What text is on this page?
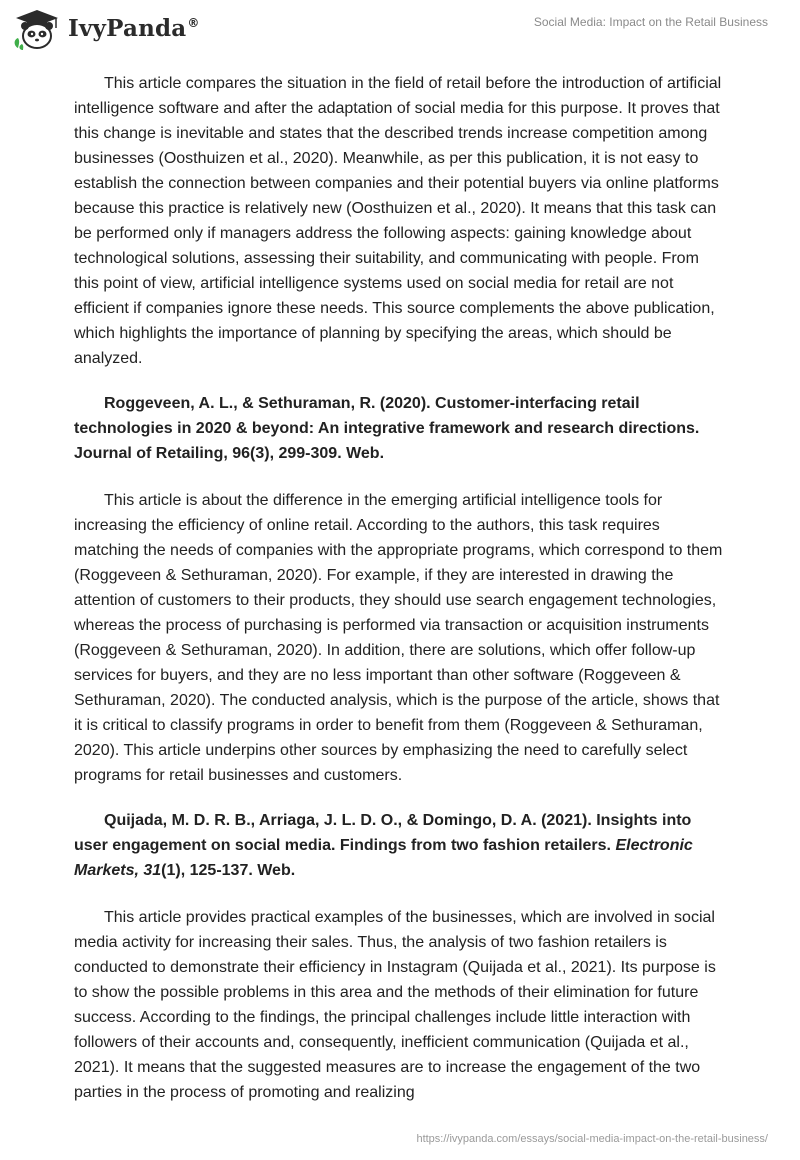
IvyPanda®	Social Media: Impact on the Retail Business

This article compares the situation in the field of retail before the introduction of artificial intelligence software and after the adaptation of social media for this purpose. It proves that this change is inevitable and states that the described trends increase competition among businesses (Oosthuizen et al., 2020). Meanwhile, as per this publication, it is not easy to establish the connection between companies and their potential buyers via online platforms because this practice is relatively new (Oosthuizen et al., 2020). It means that this task can be performed only if managers address the following aspects: gaining knowledge about technological solutions, assessing their suitability, and communicating with people. From this point of view, artificial intelligence systems used on social media for retail are not efficient if companies ignore these needs. This source complements the above publication, which highlights the importance of planning by specifying the areas, which should be analyzed.

Roggeveen, A. L., & Sethuraman, R. (2020). Customer-interfacing retail technologies in 2020 & beyond: An integrative framework and research directions. Journal of Retailing, 96(3), 299-309. Web.

This article is about the difference in the emerging artificial intelligence tools for increasing the efficiency of online retail. According to the authors, this task requires matching the needs of companies with the appropriate programs, which correspond to them (Roggeveen & Sethuraman, 2020). For example, if they are interested in drawing the attention of customers to their products, they should use search engagement technologies, whereas the process of purchasing is performed via transaction or acquisition instruments (Roggeveen & Sethuraman, 2020). In addition, there are solutions, which offer follow-up services for buyers, and they are no less important than other software (Roggeveen & Sethuraman, 2020). The conducted analysis, which is the purpose of the article, shows that it is critical to classify programs in order to benefit from them (Roggeveen & Sethuraman, 2020). This article underpins other sources by emphasizing the need to carefully select programs for retail businesses and customers.

Quijada, M. D. R. B., Arriaga, J. L. D. O., & Domingo, D. A. (2021). Insights into user engagement on social media. Findings from two fashion retailers. Electronic Markets, 31(1), 125-137. Web.

This article provides practical examples of the businesses, which are involved in social media activity for increasing their sales. Thus, the analysis of two fashion retailers is conducted to demonstrate their efficiency in Instagram (Quijada et al., 2021). Its purpose is to show the possible problems in this area and the methods of their elimination for future success. According to the findings, the principal challenges include little interaction with followers of their accounts and, consequently, inefficient communication (Quijada et al., 2021). It means that the suggested measures are to increase the engagement of the two parties in the process of promoting and realizing

https://ivypanda.com/essays/social-media-impact-on-the-retail-business/
